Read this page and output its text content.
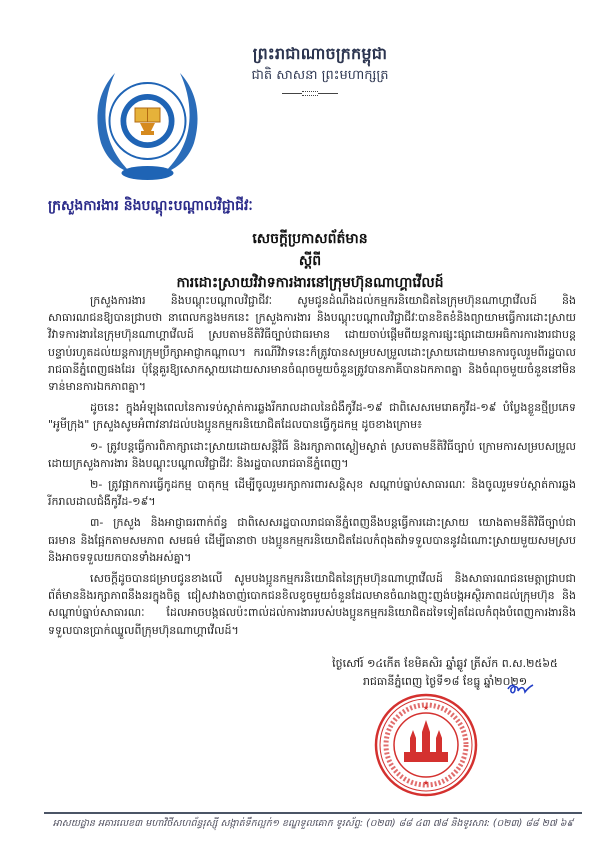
ព្រះរាជាណាចក្រកម្ពុជា
ជាតិ សាសនា ព្រះមហាក្សត្រ
ក្រសួងការងារ និងបណ្តុះបណ្តាលវិជ្ជាជីវៈ
សេចក្តីប្រកាសព័ត៌មាន
ស្តីពី
ការដោះស្រាយវិវាទការងារនៅក្រុមហ៊ុនណាហ្គាវើលដ៍

ក្រសួងការងារ និងបណ្តុះបណ្តាលវិជ្ជាជីវៈ សូមជូនដំណឹងដល់កម្មករនិយោជិតនៃក្រុមហ៊ុនណាហ្គាវើលដ៍ និងសាធារណជនឱ្យបានជ្រាបថា នាពេលកន្លងមកនេះ ក្រសួងការងារ និងបណ្តុះបណ្តាលវិជ្ជាជីវៈបានខិតខំនិងព្យាយាមធ្វើការដោះស្រាយវិវាទការងារនៃក្រុមហ៊ុនណាហ្គាវើលដ៍ ស្របតាមនីតិវិធីច្បាប់ជាធរមាន ដោយចាប់ផ្តើមពីយន្តការផ្សះផ្សាដោយអធិការការងារជាបន្តបន្ទាប់រហូតដល់យន្តការក្រុមប្រឹក្សាអាជ្ញាកណ្តាល។ ករណីវិវាទនេះក៏ត្រូវបានសម្របសម្រួលដោះស្រាយដោយមានការចូលរួមពីរដ្ឋបាលរាជធានីភ្នំពេញផងដែរ ប៉ុន្តែគួរឱ្យសោកស្តាយដោយសារមានចំណុចមួយចំនួនត្រូវបានភាគីបានឯកភាពគ្នា និងចំណុចមួយចំនួននៅមិនទាន់មានការឯកភាពគ្នា។

ដូចនេះ ក្នុងអំឡុងពេលនៃការទប់ស្កាត់ការឆ្លងរីករាលដាលនៃជំងឺកូវីដ-១៩ ជាពិសេសមេរោគកូវីដ-១៩ បំប្លែងខ្លួនថ្មីប្រភេទ "អូមីក្រុង" ក្រសួងសូមអំពាវនាវដល់បងប្អូនកម្មករនិយោជិតដែលបានធ្វើកូដកម្ម ដូចខាងក្រោម៖

១- ត្រូវបន្តធ្វើការពិភាក្សាដោះស្រាយដោយសន្តិវិធី និងរក្សាភាពស្ងៀមស្ងាត់ ស្របតាមនីតិវិធីច្បាប់ ក្រោមការសម្របសម្រួលដោយក្រសួងការងារ និងបណ្តុះបណ្តាលវិជ្ជាជីវៈ និងរដ្ឋបាលរាជធានីភ្នំពេញ។

២- ត្រូវផ្អាកការធ្វើកូដកម្ម បាតុកម្ម ដើម្បីចូលរួមរក្សាការពារសន្តិសុខ សណ្តាប់ធ្នាប់សាធារណៈ និងចូលរួមទប់ស្កាត់ការឆ្លងរីករាលដាលជំងឺកូវីដ-១៩។

៣- ក្រសួង និងអាជ្ញាធរពាក់ព័ន្ធ ជាពិសេសរដ្ឋបាលរាជធានីភ្នំពេញនឹងបន្តធ្វើការដោះស្រាយ យោងតាមនីតិវិធីច្បាប់ជាធរមាន និងផ្អែកតាមសមភាព សមធម៌ ដើម្បីធានាថា បងប្អូនកម្មករនិយោជិតដែលកំពុងតវ៉ាទទួលបាននូវដំណោះស្រាយមួយសមស្រប និងអាចទទួលយកបានទាំងអស់គ្នា។

សេចក្តីដូចបានជម្រាបជូនខាងលើ សូមបងប្អូនកម្មករនិយោជិតនៃក្រុមហ៊ុនណាហ្គាវើលដ៍ និងសាធារណជនមេត្តាជ្រាបជាព័ត៌មាននិងរក្សាភាពនឹងនរក្នុងចិត្ត ជៀសវាងចាញ់បោកជនខិលខូចមួយចំនួនដែលមានចំណងញុះញង់បង្កអស្ថិរភាពដល់ក្រុមហ៊ុន និងសណ្តាប់ធ្នាប់សាធារណៈ ដែលអាចបង្កផលប៉ះពាល់ដល់ការងាររបស់បងប្អូនកម្មករនិយោជិតដទៃទៀតដែលកំពុងបំពេញការងារនិងទទួលបានប្រាក់ឈ្នួលពីក្រុមហ៊ុនណាហ្គាវើលដ៍។

ថ្ងៃសៅរ៍ ១៤កើត ខែមិគសិរ ឆ្នាំឆ្លូវ ត្រីស័ក ព.ស.២៥៦៥
រាជធានីភ្នំពេញ ថ្ងៃទី១៨ ខែធ្នូ ឆ្នាំ២០២១
★
★
អាសយដ្ឋាន អគារលេខ៣ មហាវិថីសហព័ន្ធរុស្ស៊ី សង្កាត់ទឹកល្អក់១ ខណ្ឌទួលគោក ទូរស័ព្ទ: (០២៣) ៨៨ ៤៣ ៧៨ និងទូរសារ: (០២៣) ៨៨ ២៧ ៦៩
